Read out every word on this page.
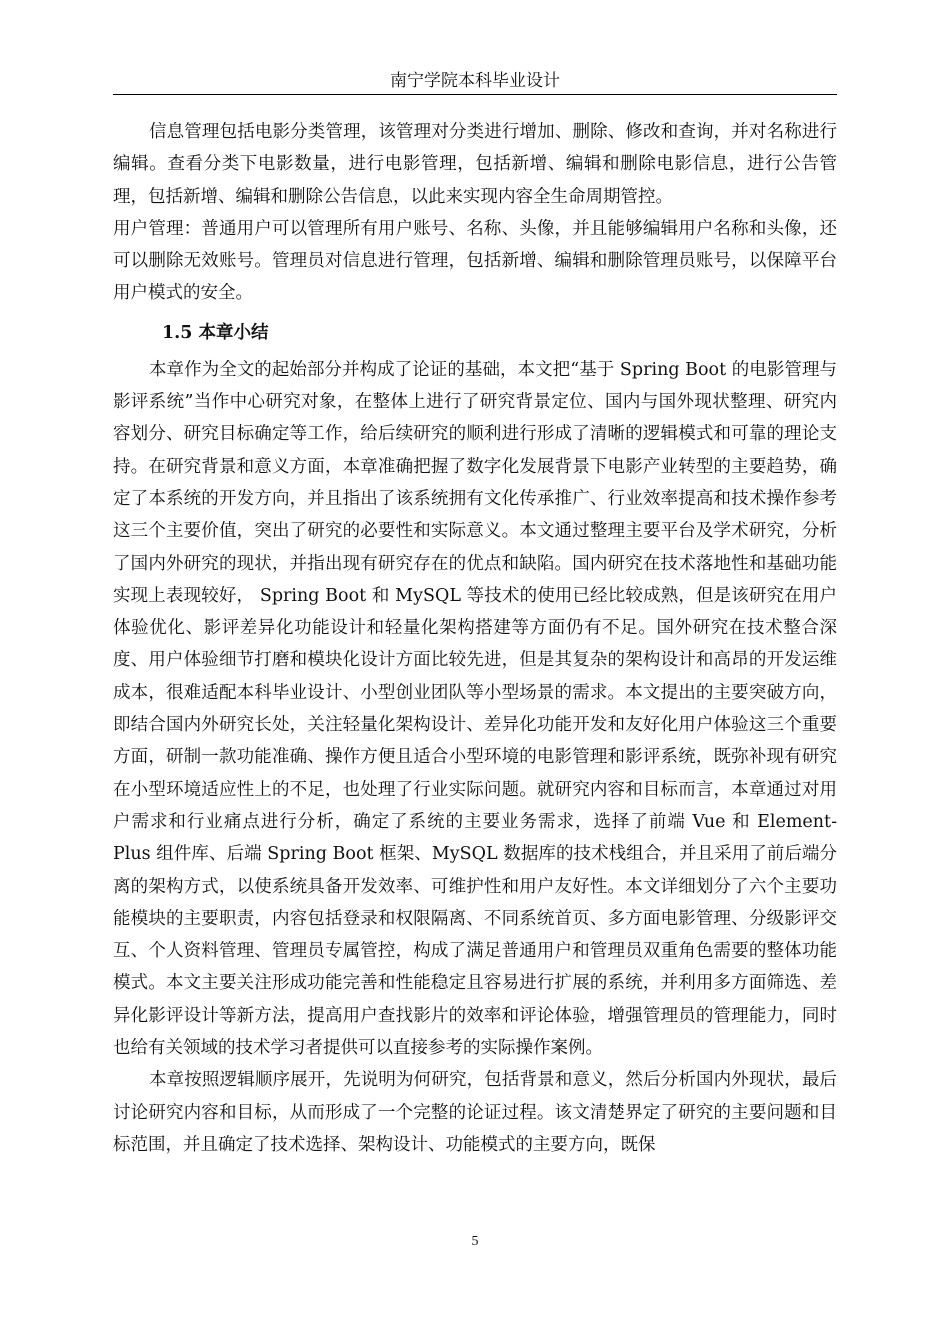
南宁学院本科毕业设计

信息管理包括电影分类管理，该管理对分类进行增加、删除、修改和查询，并对名称进行编辑。查看分类下电影数量，进行电影管理，包括新增、编辑和删除电影信息，进行公告管理，包括新增、编辑和删除公告信息，以此来实现内容全生命周期管控。

用户管理：普通用户可以管理所有用户账号、名称、头像，并且能够编辑用户名称和头像，还可以删除无效账号。管理员对信息进行管理，包括新增、编辑和删除管理员账号，以保障平台用户模式的安全。

1.5 本章小结

本章作为全文的起始部分并构成了论证的基础，本文把“基于 Spring Boot 的电影管理与影评系统”当作中心研究对象，在整体上进行了研究背景定位、国内与国外现状整理、研究内容划分、研究目标确定等工作，给后续研究的顺利进行形成了清晰的逻辑模式和可靠的理论支持。在研究背景和意义方面，本章准确把握了数字化发展背景下电影产业转型的主要趋势，确定了本系统的开发方向，并且指出了该系统拥有文化传承推广、行业效率提高和技术操作参考这三个主要价值，突出了研究的必要性和实际意义。本文通过整理主要平台及学术研究，分析了国内外研究的现状，并指出现有研究存在的优点和缺陷。国内研究在技术落地性和基础功能实现上表现较好， Spring Boot 和 MySQL 等技术的使用已经比较成熟，但是该研究在用户体验优化、影评差异化功能设计和轻量化架构搭建等方面仍有不足。国外研究在技术整合深度、用户体验细节打磨和模块化设计方面比较先进，但是其复杂的架构设计和高昂的开发运维成本，很难适配本科毕业设计、小型创业团队等小型场景的需求。本文提出的主要突破方向，即结合国内外研究长处，关注轻量化架构设计、差异化功能开发和友好化用户体验这三个重要方面，研制一款功能准确、操作方便且适合小型环境的电影管理和影评系统，既弥补现有研究在小型环境适应性上的不足，也处理了行业实际问题。就研究内容和目标而言，本章通过对用户需求和行业痛点进行分析，确定了系统的主要业务需求，选择了前端 Vue 和 Element-Plus 组件库、后端 Spring Boot 框架、MySQL 数据库的技术栈组合，并且采用了前后端分离的架构方式，以使系统具备开发效率、可维护性和用户友好性。本文详细划分了六个主要功能模块的主要职责，内容包括登录和权限隔离、不同系统首页、多方面电影管理、分级影评交互、个人资料管理、管理员专属管控，构成了满足普通用户和管理员双重角色需要的整体功能模式。本文主要关注形成功能完善和性能稳定且容易进行扩展的系统，并利用多方面筛选、差异化影评设计等新方法，提高用户查找影片的效率和评论体验，增强管理员的管理能力，同时也给有关领域的技术学习者提供可以直接参考的实际操作案例。

本章按照逻辑顺序展开，先说明为何研究，包括背景和意义，然后分析国内外现状，最后讨论研究内容和目标，从而形成了一个完整的论证过程。该文清楚界定了研究的主要问题和目标范围，并且确定了技术选择、架构设计、功能模式的主要方向，既保

5
